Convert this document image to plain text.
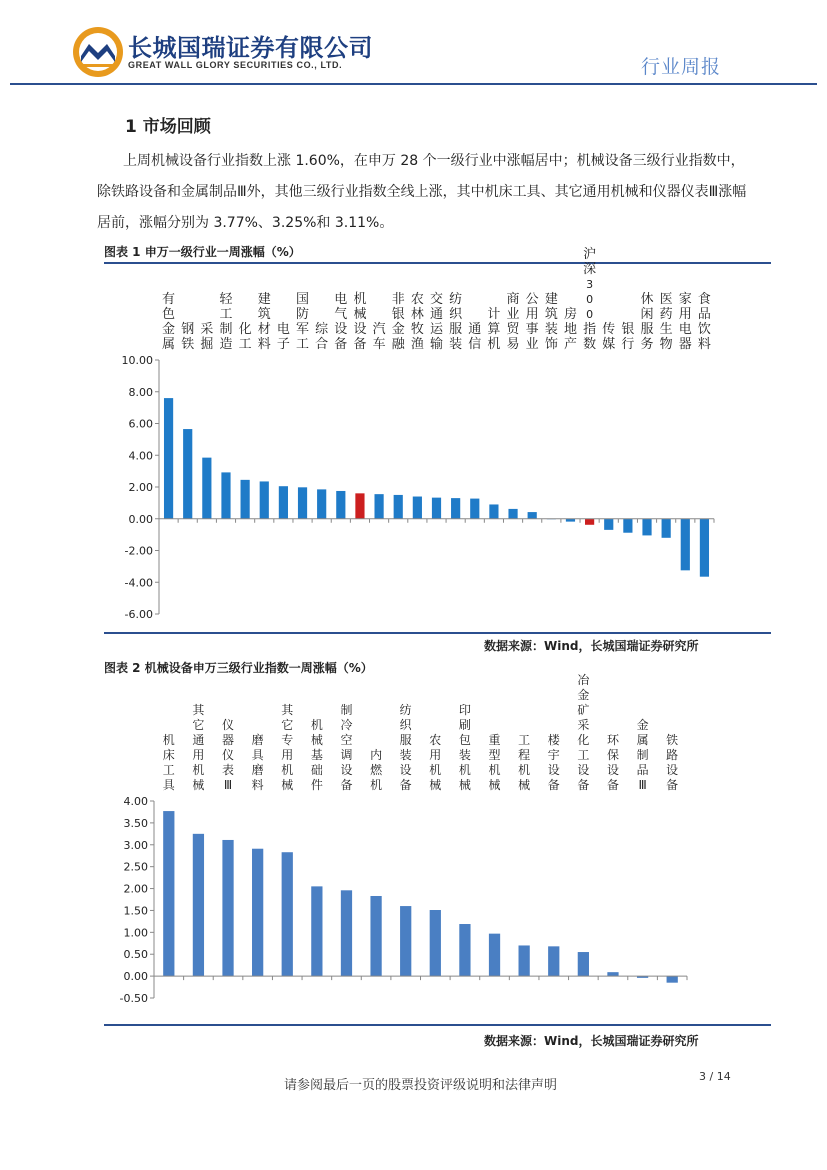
长城国瑞证券有限公司
GREAT WALL GLORY SECURITIES CO., LTD.	行业周报
1 市场回顾
上周机械设备行业指数上涨 1.60%，在申万 28 个一级行业中涨幅居中；机械设备三级行业指数中，除铁路设备和金属制品Ⅲ外，其他三级行业指数全线上涨，其中机床工具、其它通用机械和仪器仪表Ⅲ涨幅居前，涨幅分别为 3.77%、3.25%和 3.11%。
图表 1 申万一级行业一周涨幅（%）
10.00
8.00
6.00
4.00
2.00
0.00
-2.00
-4.00
-6.00
有色金属
钢铁
采掘
轻工制造
化工
建筑材料
电子
国防军工
综合
电气设备
机械设备
汽车
非银金融
农林牧渔
交通运输
纺织服装
通信
计算机
商业贸易
公用事业
建筑装饰
房地产
沪深 3 0 0 指数
传媒
银行
休闲服务
医药生物
家用电器
食品饮料
数据来源：Wind，长城国瑞证券研究所
图表 2 机械设备申万三级行业指数一周涨幅（%）
4.00
3.50
3.00
2.50
2.00
1.50
1.00
0.50
0.00
-0.50
机床工具
其它通用机械
仪器仪表 Ⅲ
磨具磨料
其它专用机械
机械基础件
制冷空调设备
内燃机
纺织服装设备
农用机械
印刷包装机械
重型机械
工程机械
楼宇设备
冶金矿采化工设备
环保设备
金属制品 Ⅲ
铁路设备
数据来源：Wind，长城国瑞证券研究所
请参阅最后一页的股票投资评级说明和法律声明
3 / 14
